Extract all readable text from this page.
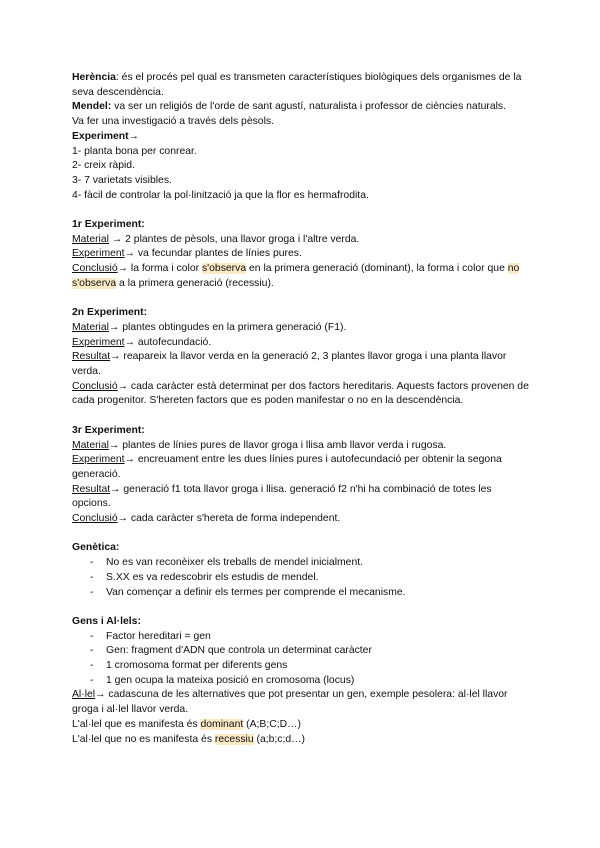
Herència: és el procés pel qual es transmeten característiques biològiques dels organismes de la seva descendència.
Mendel: va ser un religiós de l'orde de sant agustí, naturalista i professor de ciències naturals.
Va fer una investigació a través dels pèsols.
Experiment→
1- planta bona per conrear.
2- creix ràpid.
3- 7 varietats visibles.
4- fàcil de controlar la pol·linització ja que la flor es hermafrodita.
1r Experiment:
Material → 2 plantes de pèsols, una llavor groga i l'altre verda.
Experiment→ va fecundar plantes de línies pures.
Conclusió→ la forma i color s'observa en la primera generació (dominant), la forma i color que no s'observa a la primera generació (recessiu).
2n Experiment:
Material→ plantes obtingudes en la primera generació (F1).
Experiment→ autofecundació.
Resultat→ reapareix la llavor verda en la generació 2, 3 plantes llavor groga i una planta llavor verda.
Conclusió→ cada caràcter està determinat per dos factors hereditaris. Aquests factors provenen de cada progenitor. S'hereten factors que es poden manifestar o no en la descendència.
3r Experiment:
Material→ plantes de línies pures de llavor groga i llisa amb llavor verda i rugosa.
Experiment→ encreuament entre les dues línies pures i autofecundació per obtenir la segona generació.
Resultat→ generació f1 tota llavor groga i llisa. generació f2 n'hi ha combinació de totes les opcions.
Conclusió→ cada caràcter s'hereta de forma independent.
Genètica:
- No es van reconèixer els treballs de mendel inicialment.
- S.XX es va redescobrir els estudis de mendel.
- Van començar a definir els termes per comprende el mecanisme.
Gens i Al·lels:
- Factor hereditari = gen
- Gen: fragment d'ADN que controla un determinat caràcter
- 1 cromosoma format per diferents gens
- 1 gen ocupa la mateixa posició en cromosoma (locus)
Al·lel→ cadascuna de les alternatives que pot presentar un gen, exemple pesolera: al·lel llavor groga i al·lel llavor verda.
L'al·lel que es manifesta és dominant (A;B;C;D…)
L'al·lel que no es manifesta és recessiu (a;b;c;d…)
